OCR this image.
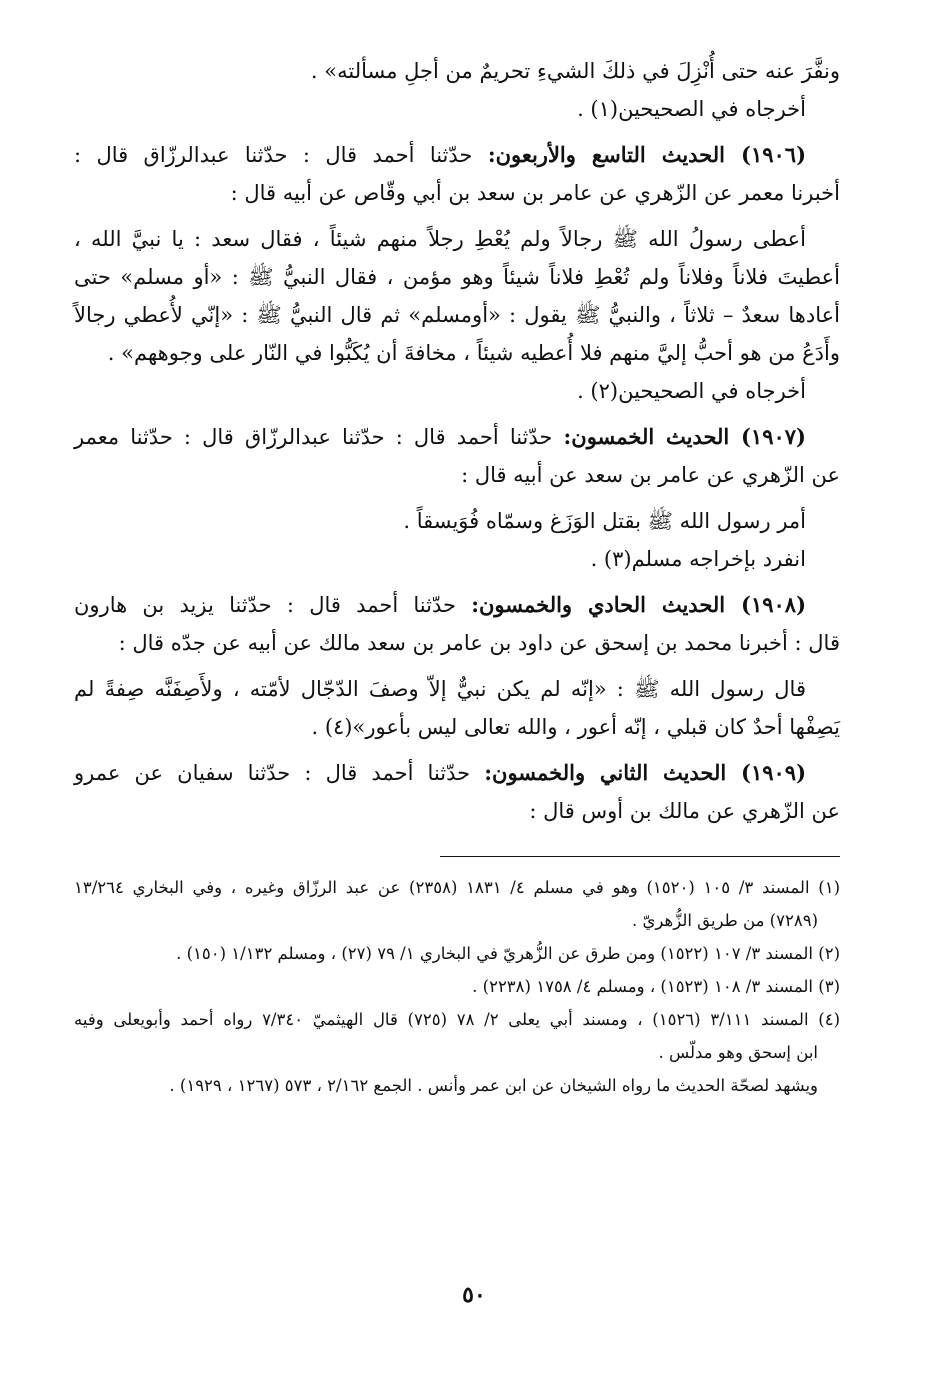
ونفَّرَ عنه حتى أُنْزِلَ في ذلكَ الشيءِ تحريمٌ من أجلِ مسألته» .

أخرجاه في الصحيحين(١) .

(١٩٠٦) الحديث التاسع والأربعون: حدّثنا أحمد قال : حدّثنا عبدالرزّاق قال :

أخبرنا معمر عن الزّهري عن عامر بن سعد بن أبي وقّاص عن أبيه قال :

أعطى رسولُ الله ﷺ رجالاً ولم يُعْطِ رجلاً منهم شيئاً ، فقال سعد : يا نبيَّ الله ،

أعطيتَ فلاناً وفلاناً ولم تُعْطِ فلاناً شيئاً وهو مؤمن ، فقال النبيُّ ﷺ : «أو مسلم» حتى

أعادها سعدٌ – ثلاثاً ، والنبيُّ ﷺ يقول : «أومسلم» ثم قال النبيُّ ﷺ : «إنّي لأُعطي رجالاً

وأَدَعُ من هو أحبُّ إليَّ منهم فلا أُعطيه شيئاً ، مخافةَ أن يُكَبُّوا في النّار على وجوههم» .

أخرجاه في الصحيحين(٢) .

(١٩٠٧) الحديث الخمسون: حدّثنا أحمد قال : حدّثنا عبدالرزّاق قال : حدّثنا معمر

عن الزّهري عن عامر بن سعد عن أبيه قال :

أمر رسول الله ﷺ بقتل الوَزَغ وسمّاه فُوَيسقاً .

انفرد بإخراجه مسلم(٣) .

(١٩٠٨) الحديث الحادي والخمسون: حدّثنا أحمد قال : حدّثنا يزيد بن هارون

قال : أخبرنا محمد بن إسحق عن داود بن عامر بن سعد مالك عن أبيه عن جدّه قال :

قال رسول الله ﷺ : «إنّه لم يكن نبيٌّ إلاّ وصفَ الدّجّال لأمّته ، ولأَصِفَنَّه صِفةً لم

يَصِفْها أحدٌ كان قبلي ، إنّه أعور ، والله تعالى ليس بأعور»(٤) .

(١٩٠٩) الحديث الثاني والخمسون: حدّثنا أحمد قال : حدّثنا سفيان عن عمرو

عن الزّهري عن مالك بن أوس قال :

(١) المسند ٣/ ١٠٥ (١٥٢٠) وهو في مسلم ٤/ ١٨٣١ (٢٣٥٨) عن عبد الرزّاق وغيره ، وفي البخاري ١٣/٢٦٤

(٧٢٨٩) من طريق الزُّهريّ .

(٢) المسند ٣/ ١٠٧ (١٥٢٢) ومن طرق عن الزُّهريّ في البخاري ١/ ٧٩ (٢٧) ، ومسلم ١/١٣٢ (١٥٠) .

(٣) المسند ٣/ ١٠٨ (١٥٢٣) ، ومسلم ٤/ ١٧٥٨ (٢٢٣٨) .

(٤) المسند ٣/١١١ (١٥٢٦) ، ومسند أبي يعلى ٢/ ٧٨ (٧٢٥) قال الهيثميّ ٧/٣٤٠ رواه أحمد وأبويعلى وفيه

ابن إسحق وهو مدلّس .

ويشهد لصحّة الحديث ما رواه الشيخان عن ابن عمر وأنس . الجمع ٢/١٦٢ ، ٥٧٣ (١٢٦٧ ، ١٩٢٩) .

٥٠
